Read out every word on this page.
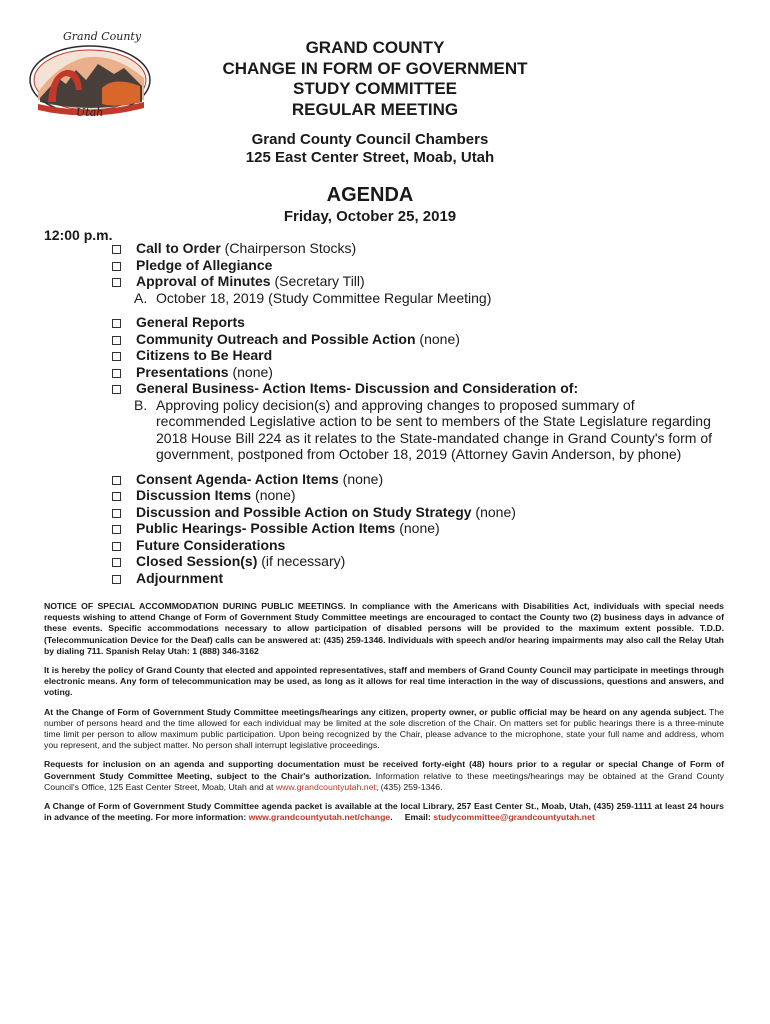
Grand County
Utah
GRAND COUNTY
CHANGE IN FORM OF GOVERNMENT
STUDY COMMITTEE
REGULAR MEETING
Grand County Council Chambers
125 East Center Street, Moab, Utah
AGENDA
Friday, October 25, 2019
12:00 p.m.
Call to Order (Chairperson Stocks)
Pledge of Allegiance
Approval of Minutes (Secretary Till)
A. October 18, 2019 (Study Committee Regular Meeting)
General Reports
Community Outreach and Possible Action (none)
Citizens to Be Heard
Presentations (none)
General Business- Action Items- Discussion and Consideration of:
B. Approving policy decision(s) and approving changes to proposed summary of recommended Legislative action to be sent to members of the State Legislature regarding 2018 House Bill 224 as it relates to the State-mandated change in Grand County's form of government, postponed from October 18, 2019 (Attorney Gavin Anderson, by phone)
Consent Agenda- Action Items (none)
Discussion Items (none)
Discussion and Possible Action on Study Strategy (none)
Public Hearings- Possible Action Items (none)
Future Considerations
Closed Session(s) (if necessary)
Adjournment

NOTICE OF SPECIAL ACCOMMODATION DURING PUBLIC MEETINGS. In compliance with the Americans with Disabilities Act, individuals with special needs requests wishing to attend Change of Form of Government Study Committee meetings are encouraged to contact the County two (2) business days in advance of these events. Specific accommodations necessary to allow participation of disabled persons will be provided to the maximum extent possible. T.D.D. (Telecommunication Device for the Deaf) calls can be answered at: (435) 259-1346. Individuals with speech and/or hearing impairments may also call the Relay Utah by dialing 711. Spanish Relay Utah: 1 (888) 346-3162

It is hereby the policy of Grand County that elected and appointed representatives, staff and members of Grand County Council may participate in meetings through electronic means. Any form of telecommunication may be used, as long as it allows for real time interaction in the way of discussions, questions and answers, and voting.

At the Change of Form of Government Study Committee meetings/hearings any citizen, property owner, or public official may be heard on any agenda subject. The number of persons heard and the time allowed for each individual may be limited at the sole discretion of the Chair. On matters set for public hearings there is a three-minute time limit per person to allow maximum public participation. Upon being recognized by the Chair, please advance to the microphone, state your full name and address, whom you represent, and the subject matter. No person shall interrupt legislative proceedings.

Requests for inclusion on an agenda and supporting documentation must be received forty-eight (48) hours prior to a regular or special Change of Form of Government Study Committee Meeting, subject to the Chair's authorization. Information relative to these meetings/hearings may be obtained at the Grand County Council's Office, 125 East Center Street, Moab, Utah and at www.grandcountyutah.net; (435) 259-1346.

A Change of Form of Government Study Committee agenda packet is available at the local Library, 257 East Center St., Moab, Utah, (435) 259-1111 at least 24 hours in advance of the meeting. For more information: www.grandcountyutah.net/change.     Email: studycommittee@grandcountyutah.net
